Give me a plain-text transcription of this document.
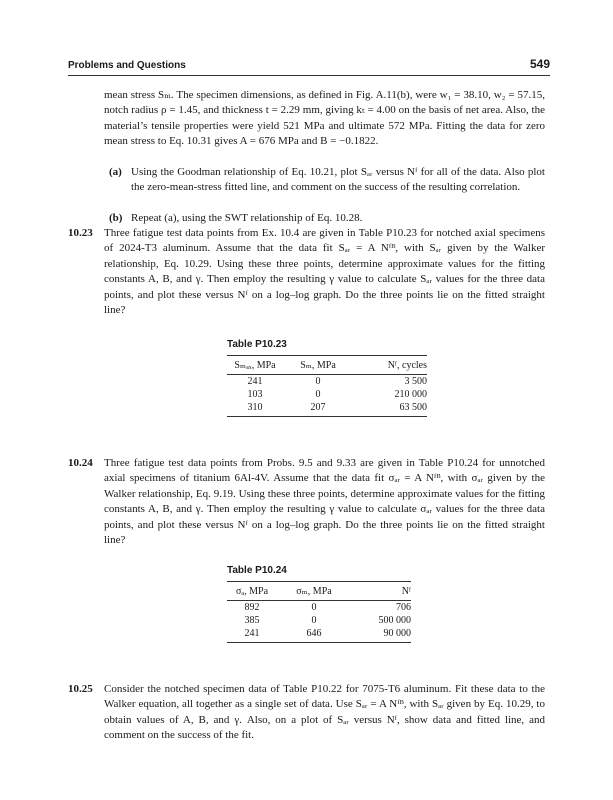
Problems and Questions	549

mean stress Sₘ. The specimen dimensions, as defined in Fig. A.11(b), were w₁ = 38.10, w₂ = 57.15, notch radius ρ = 1.45, and thickness t = 2.29 mm, giving kₜ = 4.00 on the basis of net area. Also, the material’s tensile properties were yield 521 MPa and ultimate 572 MPa. Fitting the data for zero mean stress to Eq. 10.31 gives A = 676 MPa and B = −0.1822.

(a) Using the Goodman relationship of Eq. 10.21, plot Sₐᵣ versus Nᶠ for all of the data. Also plot the zero-mean-stress fitted line, and comment on the success of the resulting correlation.

(b) Repeat (a), using the SWT relationship of Eq. 10.28.

10.23 Three fatigue test data points from Ex. 10.4 are given in Table P10.23 for notched axial specimens of 2024-T3 aluminum. Assume that the data fit Sₐᵣ = A Nᶠᴮ, with Sₐᵣ given by the Walker relationship, Eq. 10.29. Using these three points, determine approximate values for the fitting constants A, B, and γ. Then employ the resulting γ value to calculate Sₐᵣ values for the three data points, and plot these versus Nᶠ on a log–log graph. Do the three points lie on the fitted straight line?

Table P10.23
Sₘₐₓ, MPa	Sₘ, MPa	Nᶠ, cycles
241	0	3 500
103	0	210 000
310	207	63 500
10.24 Three fatigue test data points from Probs. 9.5 and 9.33 are given in Table P10.24 for unnotched axial specimens of titanium 6Al-4V. Assume that the data fit σₐᵣ = A Nᶠᴮ, with σₐᵣ given by the Walker relationship, Eq. 9.19. Using these three points, determine approximate values for the fitting constants A, B, and γ. Then employ the resulting γ value to calculate σₐᵣ values for the three data points, and plot these versus Nᶠ on a log–log graph. Do the three points lie on the fitted straight line?

Table P10.24
σₐ, MPa	σₘ, MPa	Nᶠ
892	0	706
385	0	500 000
241	646	90 000
10.25 Consider the notched specimen data of Table P10.22 for 7075-T6 aluminum. Fit these data to the Walker equation, all together as a single set of data. Use Sₐᵣ = A Nᶠᴮ, with Sₐᵣ given by Eq. 10.29, to obtain values of A, B, and γ. Also, on a plot of Sₐᵣ versus Nᶠ, show data and fitted line, and comment on the success of the fit.
